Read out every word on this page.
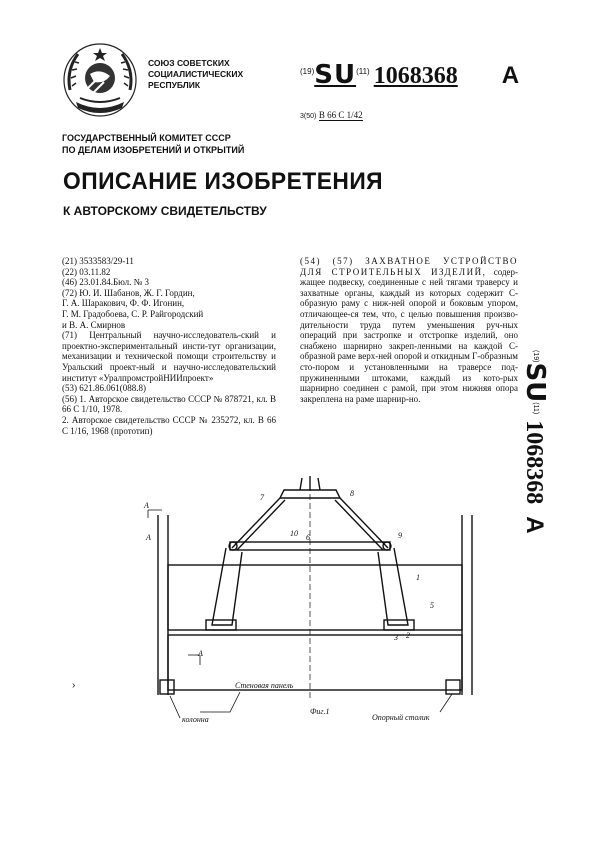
СОЮЗ СОВЕТСКИХ
СОЦИАЛИСТИЧЕСКИХ
РЕСПУБЛИК
$^{(19)}$SU$^{(11)}$ 1068368 A
3(50) В 66 С 1/42
ГОСУДАРСТВЕННЫЙ КОМИТЕТ СССР
ПО ДЕЛАМ ИЗОБРЕТЕНИЙ И ОТКРЫТИЙ
ОПИСАНИЕ ИЗОБРЕТЕНИЯ
К АВТОРСКОМУ СВИДЕТЕЛЬСТВУ

(21) 3533583/29-11

(22) 03.11.82

(46) 23.01.84.Бюл. № 3

(72) Ю. И. Шабанов, Ж. Г. Гордин,

Г. А. Шаракович, Ф. Ф. Игонин,

Г. М. Градобоева, С. Р. Райгородский

и В. А. Смирнов

(71) Центральный научно-исследователь-ский и проектно-экспериментальный инсти-тут организации, механизации и технической помощи строительству и Уральский проект-ный и научно-исследовательский институт «УралпромстройНИИпроект»

(53) 621.86.061(088.8)

(56) 1. Авторское свидетельство СССР № 878721, кл. В 66 С 1/10, 1978.

2. Авторское свидетельство СССР № 235272, кл. В 66 С 1/16, 1968 (прототип)

(54) (57) ЗАХВАТНОЕ УСТРОЙСТВО ДЛЯ СТРОИТЕЛЬНЫХ ИЗДЕЛИЙ, содер-жащее подвеску, соединенные с ней тягами траверсу и захватные органы, каждый из которых содержит С-образную раму с ниж-ней опорой и боковым упором, отличающее-ся тем, что, с целью повышения произво-дительности труда путем уменьшения руч-ных операций при застропке и отстропке изделий, оно снабжено шарнирно закреп-ленными на каждой С-образной раме верх-ней опорой и откидным Г-образным сто-пором и установленными на траверсе под-пружиненными штоками, каждый из кото-рых шарнирно соединен с рамой, при этом нижняя опора закреплена на раме шарнир-но.
$^{(19)}$SU$^{(11)}$1068368A
А
А
А	6
7	8
9
10
1
2
3
5
Стеновая панель
колонна	Опорный столик
Фиг.1
›
